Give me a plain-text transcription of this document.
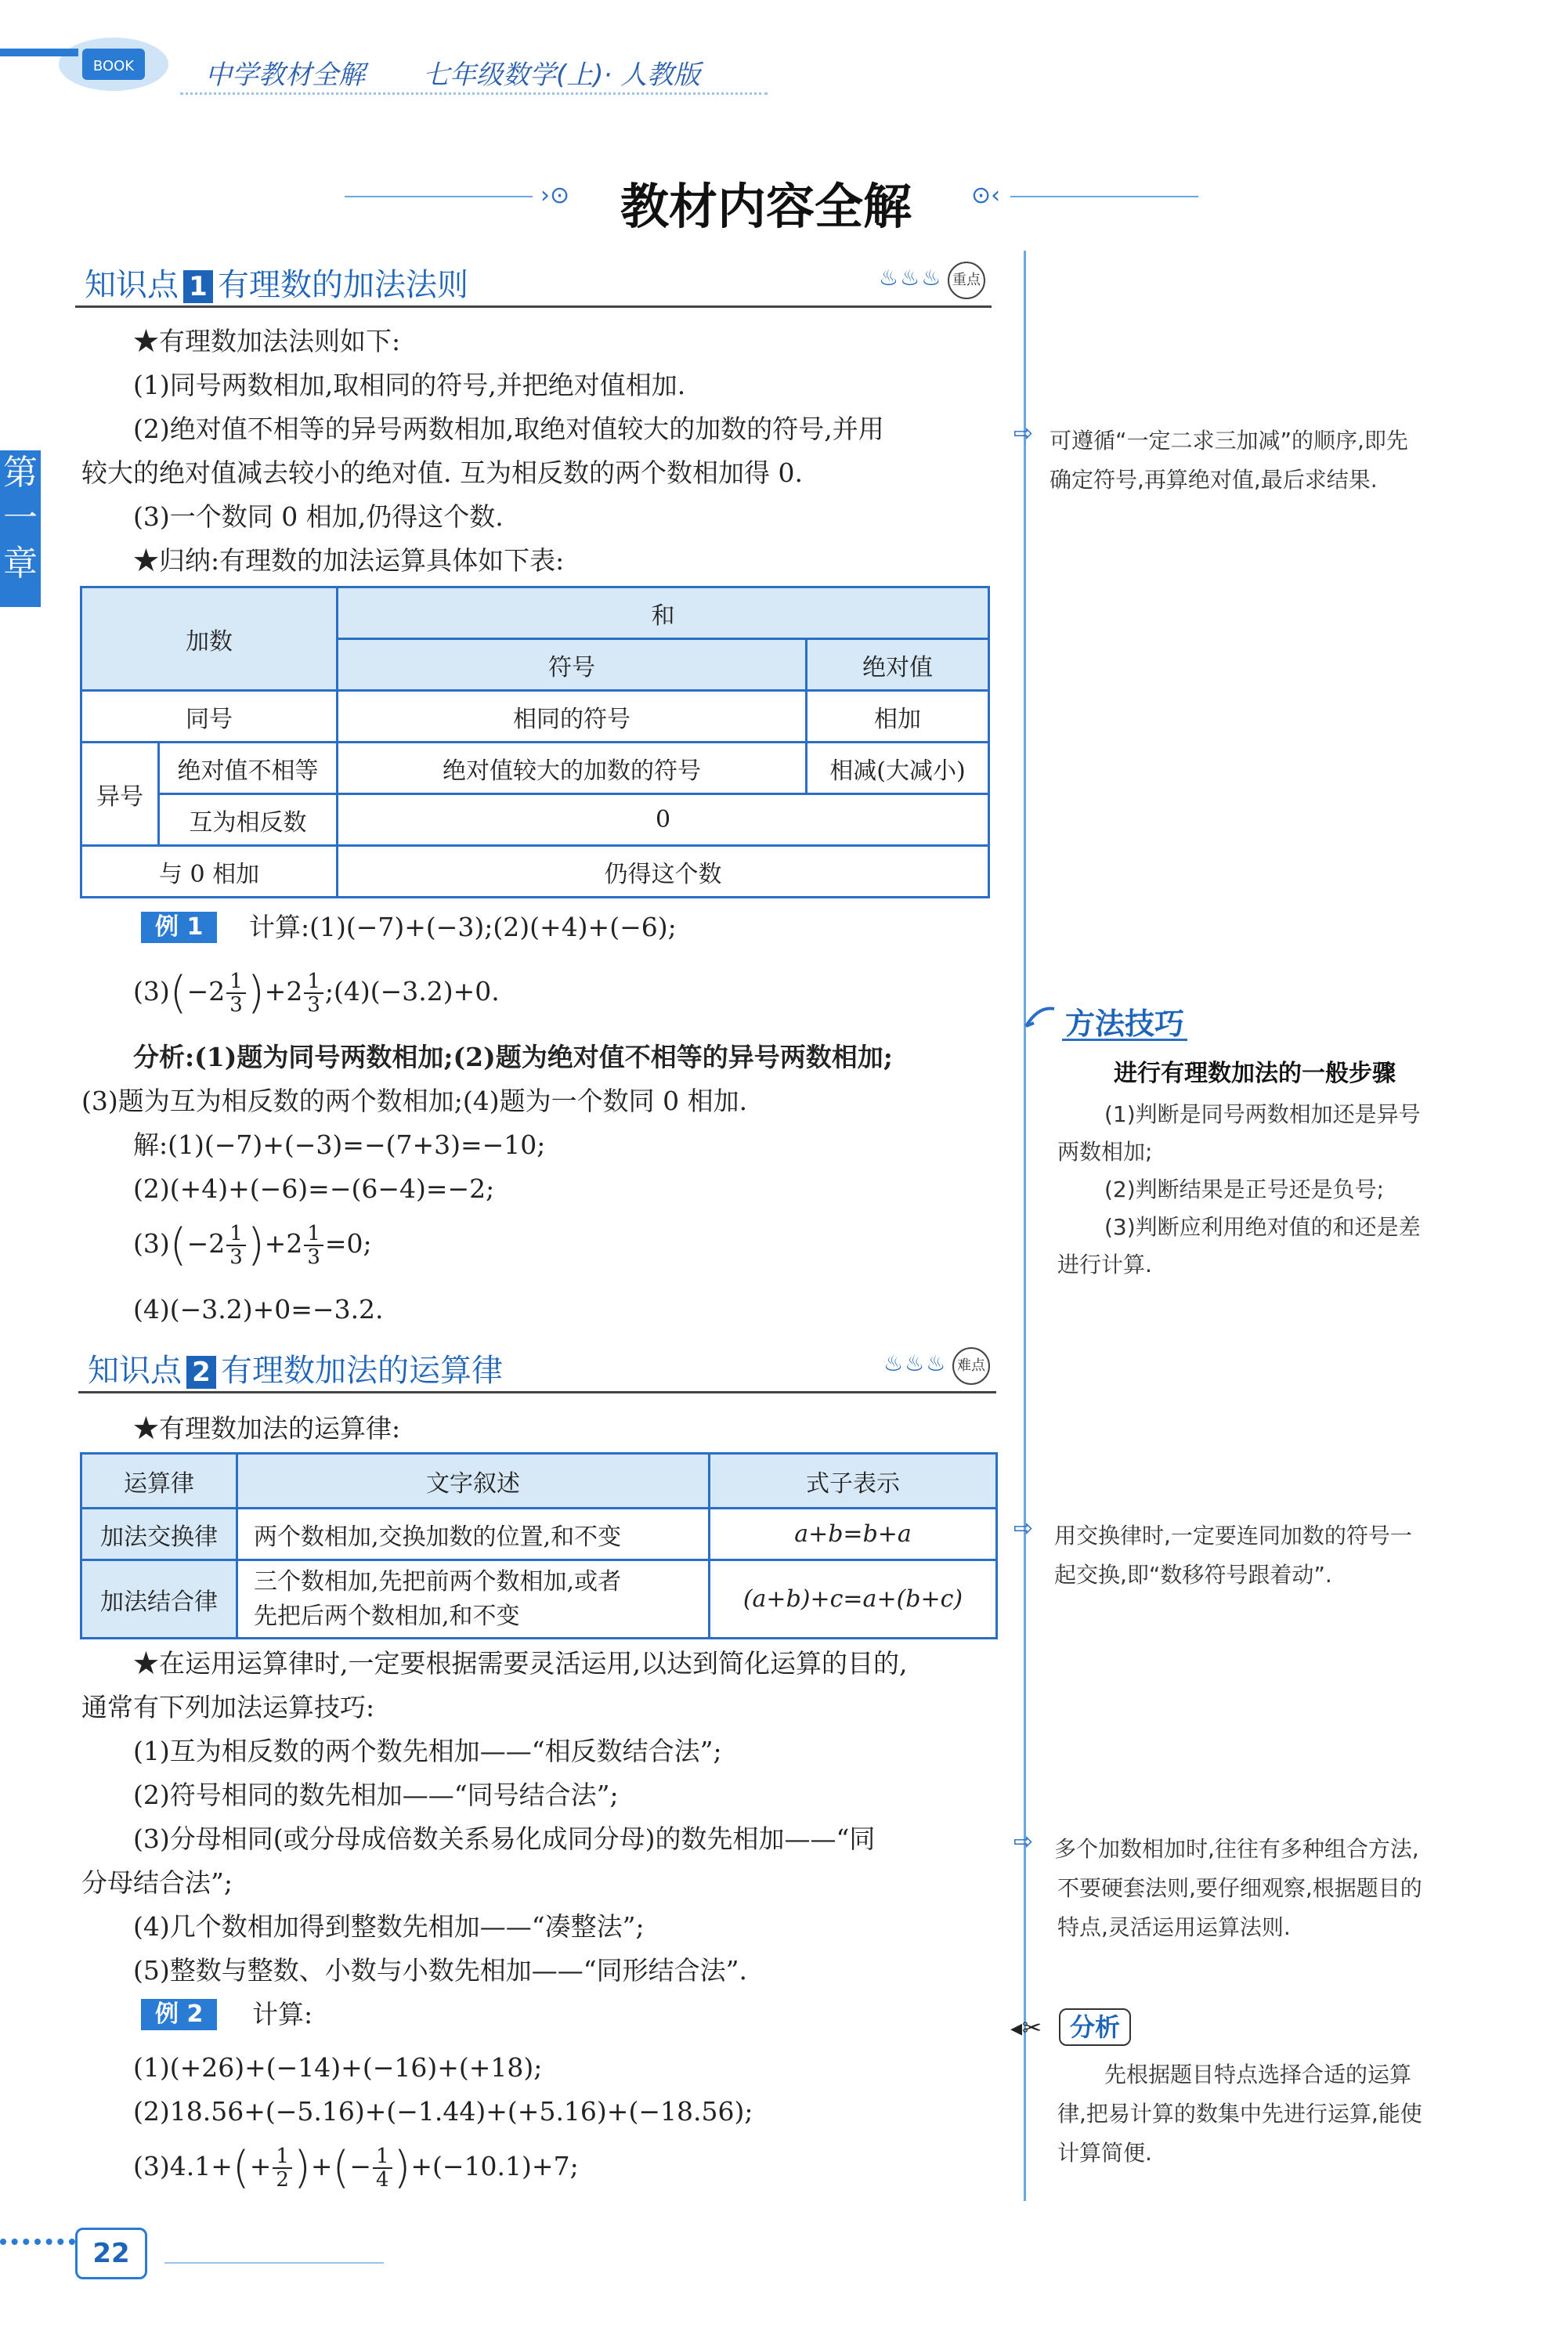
BOOK	中学教材全解 七年级数学(上)· 人教版
›⊙ 教材内容全解	⊙‹
第
一
章
知识点 1 有理数的加法法则	♨♨♨ 重点
★有理数加法法则如下:
(1)同号两数相加,取相同的符号,并把绝对值相加.
(2)绝对值不相等的异号两数相加,取绝对值较大的加数的符号,并用
较大的绝对值减去较小的绝对值. 互为相反数的两个数相加得 0.
(3)一个数同 0 相加,仍得这个数.
★归纳:有理数的加法运算具体如下表:
加数		和	
		符号	绝对值
同号		相同的符号	相加
异号	绝对值不相等	绝对值较大的加数的符号	相减(大减小)
	互为相反数	0	
与 0 相加		仍得这个数	
例 1	计算:(1)(−7)+(−3);(2)(+4)+(−6);
$(3)(-2 \frac{1}{3} )+2 \frac{1}{3}$ ;(4)(−3.2)+0.
分析:(1)题为同号两数相加;(2)题为绝对值不相等的异号两数相加;
(3)题为互为相反数的两个数相加;(4)题为一个数同 0 相加.
解:(1)(−7)+(−3)=−(7+3)=−10;
(2)(+4)+(−6)=−(6−4)=−2;
$(3)(-2 \frac{1}{3} )+2 \frac{1}{3} =0$;
(4)(−3.2)+0=−3.2.
知识点 2 有理数加法的运算律	♨♨♨ 难点
★有理数加法的运算律:
运算律	文字叙述	式子表示
加法交换律	两个数相加,交换加数的位置,和不变	a+b=b+a
加法结合律	三个数相加,先把前两个数相加,或者
先把后两个数相加,和不变	(a+b)+c=a+(b+c)
★在运用运算律时,一定要根据需要灵活运用,以达到简化运算的目的,
通常有下列加法运算技巧:
(1)互为相反数的两个数先相加——“相反数结合法”;
(2)符号相同的数先相加——“同号结合法”;
(3)分母相同(或分母成倍数关系易化成同分母)的数先相加——“同
分母结合法”;
(4)几个数相加得到整数先相加——“凑整法”;
(5)整数与整数、小数与小数先相加——“同形结合法”.
例 2	计算:
(1)(+26)+(−14)+(−16)+(+18);
(2)18.56+(−5.16)+(−1.44)+(+5.16)+(−18.56);
$(3)4.1+(+ \frac{1}{2}$ )+(− $\frac{1}{4} )+(-10.1)+7$;
⇨ 可遵循“一定二求三加减”的顺序,即先
确定符号,再算绝对值,最后求结果.
方法技巧
进行有理数加法的一般步骤
(1)判断是同号两数相加还是异号
两数相加;
(2)判断结果是正号还是负号;
(3)判断应利用绝对值的和还是差
进行计算.
⇨ 用交换律时,一定要连同加数的符号一
起交换,即“数移符号跟着动”.
⇨ 多个加数相加时,往往有多种组合方法,
不要硬套法则,要仔细观察,根据题目的
特点,灵活运用运算法则.
◂✂	分析
先根据题目特点选择合适的运算
律,把易计算的数集中先进行运算,能使
计算简便.
22
